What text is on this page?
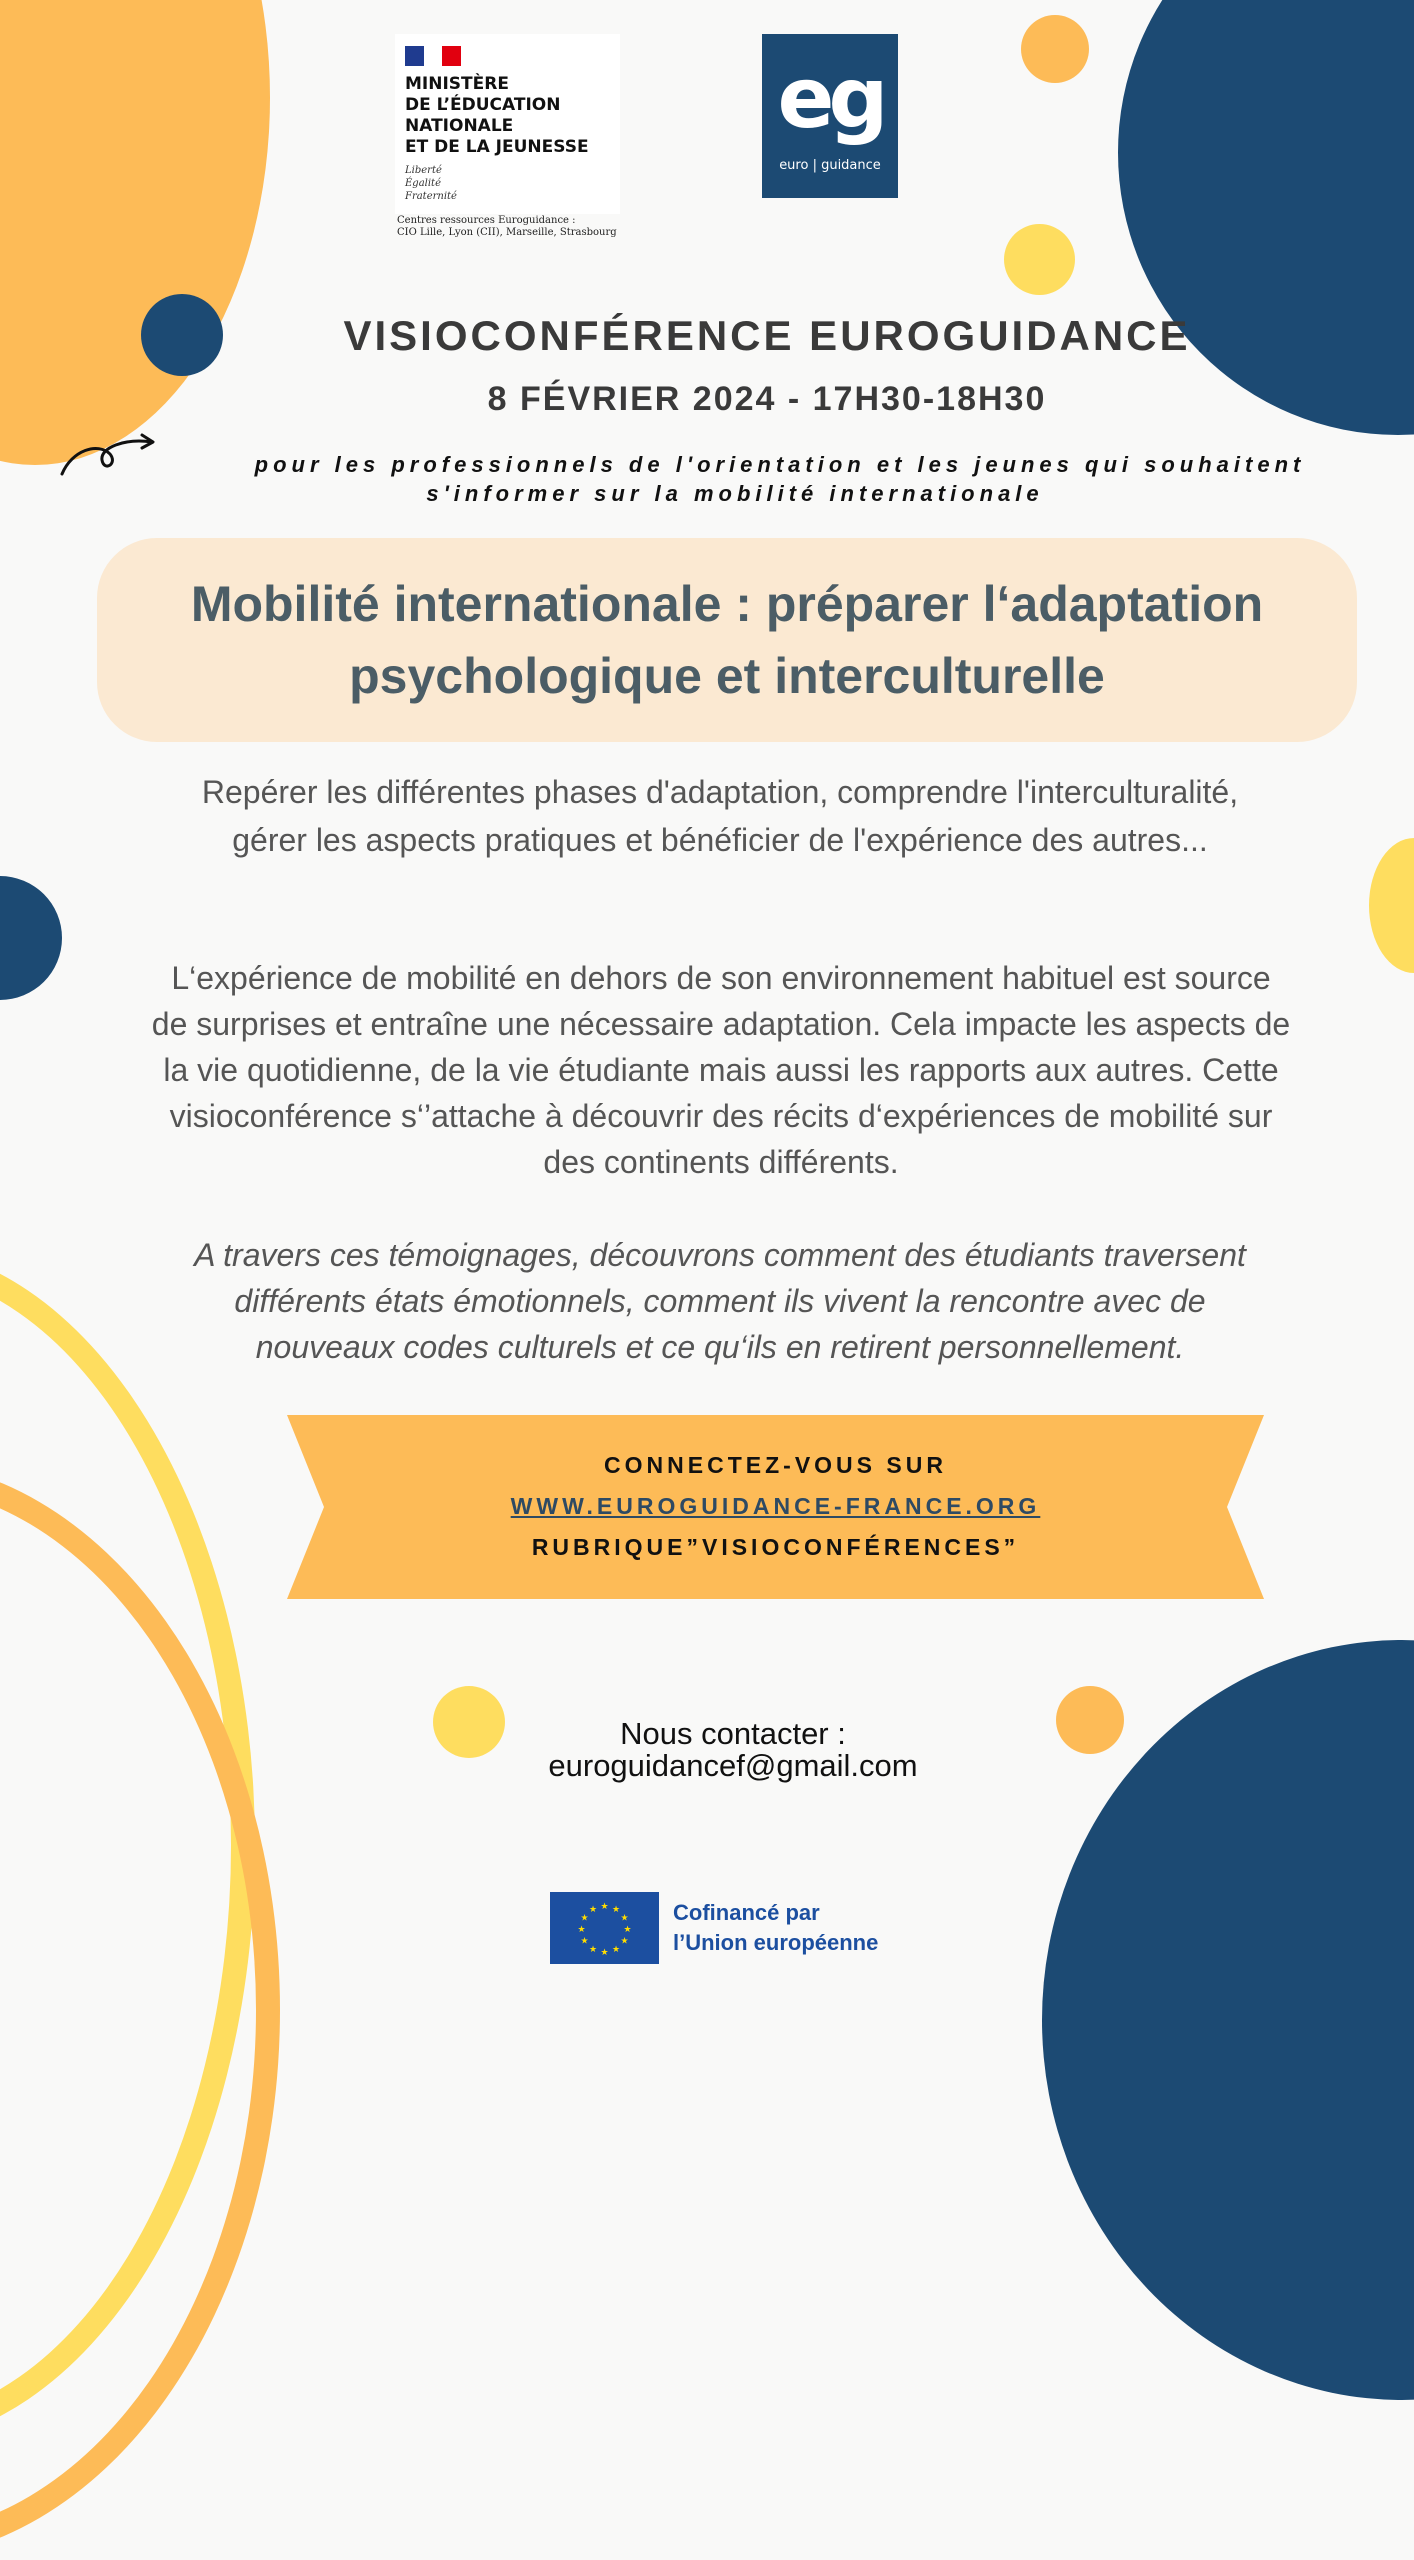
MINISTÈRE
DE L’ÉDUCATION
NATIONALE
ET DE LA JEUNESSE
Liberté
Égalité
Fraternité
Centres ressources Euroguidance :
CIO Lille, Lyon (CII), Marseille, Strasbourg
eg
euro | guidance
VISIOCONFÉRENCE EUROGUIDANCE
8 FÉVRIER 2024 - 17H30-18H30
pour les professionnels de l'orientation et les jeunes qui souhaitent
s'informer sur la mobilité internationale
Mobilité internationale : préparer l‘adaptation
psychologique et interculturelle
Repérer les différentes phases d'adaptation, comprendre l'interculturalité,
gérer les aspects pratiques et bénéficier de l'expérience des autres...
L‘expérience de mobilité en dehors de son environnement habituel est source
de surprises et entraîne une nécessaire adaptation. Cela impacte les aspects de
la vie quotidienne, de la vie étudiante mais aussi les rapports aux autres. Cette
visioconférence s‘’attache à découvrir des récits d‘expériences de mobilité sur
des continents différents.
A travers ces témoignages, découvrons comment des étudiants traversent
différents états émotionnels, comment ils vivent la rencontre avec de
nouveaux codes culturels et ce qu‘ils en retirent personnellement.
CONNECTEZ-VOUS SUR
WWW.EUROGUIDANCE-FRANCE.ORG
RUBRIQUE”VISIOCONFÉRENCES”
Nous contacter :
euroguidancef@gmail.com
★ ★
★
★
★
★
★
★
★
★
★
★	Cofinancé par
l’Union européenne
